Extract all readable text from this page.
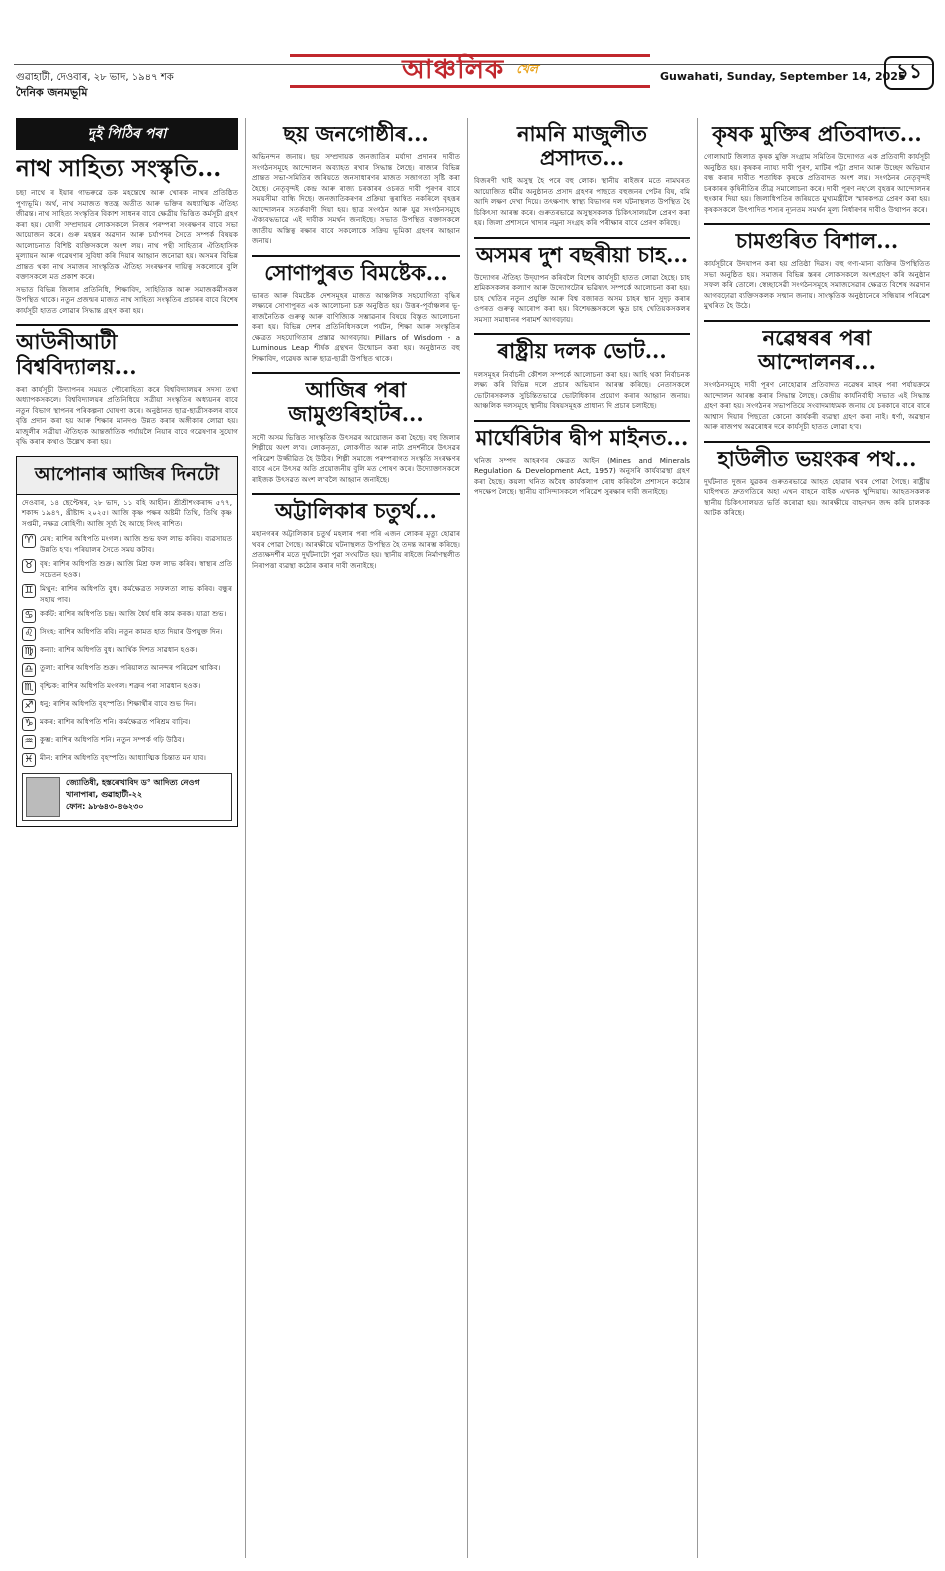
গুৱাহাটী, দেওবাৰ, ২৮ ভাদ, ১৯৪৭ শক
দৈনিক জনমভূমি
আঞ্চলিক খেল
Guwahati, Sunday, September 14, 2025
১১
দুই পিঠিৰ পৰা
নাথ সাহিত্য সংস্কৃতি...

চছা নাথে ৰ ইয়াৰ গাভৰুৱে ডক মহন্তেশ্বে আৰু খোৰক নাথৰ প্ৰতিষ্ঠিত পুণ্যভূমি। অৰ্থ, নাথ সমাজত স্বতন্ত্ৰ অতীত আৰু ভক্তিৰ অধ্যাত্মিক ঐতিহ্য জীৱন্ত। নাথ সাহিত্য সংস্কৃতিৰ বিকাশ সাধনৰ বাবে ক্ষেত্ৰীয় ভিত্তিত কৰ্মসূচী গ্ৰহণ কৰা হয়। যোগী সম্প্ৰদায়ৰ লোকসকলে নিজৰ পৰম্পৰা সংৰক্ষণৰ বাবে সভা আয়োজন কৰে। গুৰু মহন্তৰ অৱদান আৰু চৰ্যাপদৰ সৈতে সম্পৰ্ক বিষয়ক আলোচনাত বিশিষ্ট ব্যক্তিসকলে অংশ লয়। নাথ পন্থী সাহিত্যৰ ঐতিহাসিক মূল্যায়ন আৰু গৱেষণাৰ সুবিধা কৰি দিয়াৰ আহ্বান জনোৱা হয়। অসমৰ বিভিন্ন প্ৰান্তত থকা নাথ সমাজৰ সাংস্কৃতিক ঐতিহ্য সংৰক্ষণৰ দায়িত্ব সকলোৰে বুলি বক্তাসকলে মত প্ৰকাশ কৰে।

সভাত বিভিন্ন জিলাৰ প্ৰতিনিধি, শিক্ষাবিদ, সাহিত্যিক আৰু সমাজকৰ্মীসকল উপস্থিত থাকে। নতুন প্ৰজন্মৰ মাজত নাথ সাহিত্য সংস্কৃতিৰ প্ৰচাৰৰ বাবে বিশেষ কাৰ্যসূচী হাতত লোৱাৰ সিদ্ধান্ত গ্ৰহণ কৰা হয়।

আউনীআটী বিশ্ববিদ্যালয়...

কৰা কাৰ্যসূচী উদ্যাপনৰ সময়ত পৌৰোহিত্য কৰে বিশ্ববিদ্যালয়ৰ সদস্য তথা অধ্যাপকসকলে। বিশ্ববিদ্যালয়ৰ প্ৰতিনিধিয়ে সত্ৰীয়া সংস্কৃতিৰ অধ্যয়নৰ বাবে নতুন বিভাগ স্থাপনৰ পৰিকল্পনা ঘোষণা কৰে। অনুষ্ঠানত ছাত্ৰ-ছাত্ৰীসকলৰ বাবে বৃত্তি প্ৰদান কৰা হয় আৰু শিক্ষাৰ মানদণ্ড উন্নত কৰাৰ অঙ্গীকাৰ লোৱা হয়। মাজুলীৰ সত্ৰীয়া ঐতিহ্যক আন্তৰ্জাতিক পৰ্যায়লৈ নিয়াৰ বাবে গৱেষণাৰ সুযোগ বৃদ্ধি কৰাৰ কথাও উল্লেখ কৰা হয়।

আপোনাৰ আজিৰ দিনটো

দেওবাৰ, ১৪ ছেপ্টেম্বৰ, ২৮ ভাদ, ১১ বহি আহীন। শ্ৰীশ্ৰীশংকৰাব্দ ৫৭৭, শকাব্দ ১৯৪৭, খ্ৰীষ্টাব্দ ২০২৫। আজি কৃষ্ণ পক্ষৰ অষ্টমী তিথি, তিথি কৃষ্ণ সপ্তমী, নক্ষত্ৰ ৰোহিণী। আজি সূৰ্য্য হৈ আছে সিংহ ৰাশিত।

♈ মেষ: ৰাশিৰ অধিপতি মংগল। আজি শুভ ফল লাভ কৰিব। ব্যৱসায়ত উন্নতি হ'ব। পৰিয়ালৰ সৈতে সময় কটাব।

♉ বৃষ: ৰাশিৰ অধিপতি শুক্ৰ। আজি মিশ্ৰ ফল লাভ কৰিব। স্বাস্থ্যৰ প্ৰতি সচেতন হওক।

♊ মিথুন: ৰাশিৰ অধিপতি বুধ। কৰ্মক্ষেত্ৰত সফলতা লাভ কৰিব। বন্ধুৰ সহায় পাব।

♋ কৰ্কট: ৰাশিৰ অধিপতি চন্দ্ৰ। আজি ধৈৰ্য ধৰি কাম কৰক। যাত্ৰা শুভ।

♌ সিংহ: ৰাশিৰ অধিপতি ৰবি। নতুন কামত হাত দিয়াৰ উপযুক্ত দিন।

♍ কন্যা: ৰাশিৰ অধিপতি বুধ। আৰ্থিক দিশত সাৱধান হওক।

♎ তুলা: ৰাশিৰ অধিপতি শুক্ৰ। পৰিয়ালত আনন্দৰ পৰিৱেশ থাকিব।

♏ বৃশ্চিক: ৰাশিৰ অধিপতি মংগল। শত্ৰুৰ পৰা সাৱধান হওক।

♐ ধনু: ৰাশিৰ অধিপতি বৃহস্পতি। শিক্ষাৰ্থীৰ বাবে শুভ দিন।

♑ মকৰ: ৰাশিৰ অধিপতি শনি। কৰ্মক্ষেত্ৰত পৰিশ্ৰম বাঢ়িব।

♒ কুম্ভ: ৰাশিৰ অধিপতি শনি। নতুন সম্পৰ্ক গঢ়ি উঠিব।

♓ মীন: ৰাশিৰ অধিপতি বৃহস্পতি। আধ্যাত্মিক চিন্তাত মন যাব।

জ্যোতিষী, হস্তৰেখাবিদ ড° আদিত্য নেওগ
খানাপাৰা, গুৱাহাটী-২২
ফোন: ৯৮৬৪৩-৪৬২৩০
ছয় জনগোষ্ঠীৰ...

অভিনন্দন জনায়। ছয় সম্প্ৰদায়ক জনজাতিৰ মৰ্যাদা প্ৰদানৰ দাবীত সংগঠনসমূহে আন্দোলন অব্যাহত ৰখাৰ সিদ্ধান্ত লৈছে। ৰাজ্যৰ বিভিন্ন প্ৰান্তত সভা-সমিতিৰ জৰিয়তে জনসাধাৰণৰ মাজত সজাগতা সৃষ্টি কৰা হৈছে। নেতৃবৃন্দই কেন্দ্ৰ আৰু ৰাজ্য চৰকাৰৰ ওচৰত দাবী পূৰণৰ বাবে সময়সীমা বান্ধি দিছে। জনজাতিকৰণৰ প্ৰক্ৰিয়া ত্বৰান্বিত নকৰিলে বৃহত্তৰ আন্দোলনৰ সতৰ্কবাণী দিয়া হয়। ছাত্ৰ সংগঠন আৰু যুৱ সংগঠনসমূহে ঐক্যবদ্ধভাৱে এই দাবীক সমৰ্থন জনাইছে। সভাত উপস্থিত বক্তাসকলে জাতীয় অস্তিত্ব ৰক্ষাৰ বাবে সকলোকে সক্ৰিয় ভূমিকা গ্ৰহণৰ আহ্বান জনায়।

সোণাপুৰত বিমষ্টেক...

ভাৰত আৰু বিমষ্টেক দেশসমূহৰ মাজত আঞ্চলিক সহযোগিতা বৃদ্ধিৰ লক্ষ্যৰে সোণাপুৰত এক আলোচনা চক্ৰ অনুষ্ঠিত হয়। উত্তৰ-পূৰ্বাঞ্চলৰ ভূ-ৰাজনৈতিক গুৰুত্ব আৰু বাণিজ্যিক সম্ভাৱনাৰ বিষয়ে বিস্তৃত আলোচনা কৰা হয়। বিভিন্ন দেশৰ প্ৰতিনিধিসকলে পৰ্যটন, শিক্ষা আৰু সংস্কৃতিৰ ক্ষেত্ৰত সহযোগিতাৰ প্ৰস্তাৱ আগবঢ়ায়। Pillars of Wisdom - a Luminous Leap শীৰ্ষক গ্ৰন্থখন উন্মোচন কৰা হয়। অনুষ্ঠানত বহু শিক্ষাবিদ, গৱেষক আৰু ছাত্ৰ-ছাত্ৰী উপস্থিত থাকে।

আজিৰ পৰা জামুগুৰিহাটৰ...

সদৌ অসম ভিত্তিত সাংস্কৃতিক উৎসৱৰ আয়োজন কৰা হৈছে। বহু জিলাৰ শিল্পীয়ে অংশ ল'ব। লোকনৃত্য, লোকগীত আৰু নাট্য প্ৰদৰ্শনীৰে উৎসৱৰ পৰিৱেশ উজ্জীৱিত হৈ উঠিব। শিল্পী সমাজে পৰম্পৰাগত সংস্কৃতি সংৰক্ষণৰ বাবে এনে উৎসৱ অতি প্ৰয়োজনীয় বুলি মত পোষণ কৰে। উদ্যোক্তাসকলে ৰাইজক উৎসৱত অংশ ল'বলৈ আহ্বান জনাইছে।

অট্টালিকাৰ চতুৰ্থ...

মহানগৰৰ অট্টালিকাৰ চতুৰ্থ মহলাৰ পৰা পৰি এজন লোকৰ মৃত্যু হোৱাৰ খবৰ পোৱা গৈছে। আৰক্ষীয়ে ঘটনাস্থলত উপস্থিত হৈ তদন্ত আৰম্ভ কৰিছে। প্ৰত্যক্ষদৰ্শীৰ মতে দুৰ্ঘটনাটো পুৱা সংঘটিত হয়। স্থানীয় ৰাইজে নিৰ্মাণস্থলীত নিৰাপত্তা ব্যৱস্থা কঠোৰ কৰাৰ দাবী জনাইছে।

নামনি মাজুলীত প্ৰসাদত...

বিজৰণী খাই অসুস্থ হৈ পৰে বহু লোক। স্থানীয় ৰাইজৰ মতে নামঘৰত আয়োজিত ধৰ্মীয় অনুষ্ঠানত প্ৰসাদ গ্ৰহণৰ পাছতে বহুজনৰ পেটৰ বিষ, বমি আদি লক্ষণ দেখা দিয়ে। তৎক্ষণাৎ স্বাস্থ্য বিভাগৰ দল ঘটনাস্থলত উপস্থিত হৈ চিকিৎসা আৰম্ভ কৰে। গুৰুতৰভাৱে অসুস্থসকলক চিকিৎসালয়লৈ প্ৰেৰণ কৰা হয়। জিলা প্ৰশাসনে খাদ্যৰ নমুনা সংগ্ৰহ কৰি পৰীক্ষাৰ বাবে প্ৰেৰণ কৰিছে।

অসমৰ দুশ বছৰীয়া চাহ...

উদ্যোগৰ ঐতিহ্য উদ্‌যাপন কৰিবলৈ বিশেষ কাৰ্যসূচী হাতত লোৱা হৈছে। চাহ শ্ৰমিকসকলৰ কল্যাণ আৰু উদ্যোগটোৰ ভৱিষ্যৎ সম্পৰ্কে আলোচনা কৰা হয়। চাহ খেতিৰ নতুন প্ৰযুক্তি আৰু বিশ্ব বজাৰত অসম চাহৰ স্থান সুদৃঢ় কৰাৰ ওপৰত গুৰুত্ব আৰোপ কৰা হয়। বিশেষজ্ঞসকলে ক্ষুদ্ৰ চাহ খেতিয়কসকলৰ সমস্যা সমাধানৰ পৰামৰ্শ আগবঢ়ায়।

ৰাষ্ট্ৰীয় দলক ভোট...

দলসমূহৰ নিৰ্বাচনী কৌশল সম্পৰ্কে আলোচনা কৰা হয়। আহি থকা নিৰ্বাচনক লক্ষ্য কৰি বিভিন্ন দলে প্ৰচাৰ অভিযান আৰম্ভ কৰিছে। নেতাসকলে ভোটাৰসকলক সুচিন্তিতভাৱে ভোটাধিকাৰ প্ৰয়োগ কৰাৰ আহ্বান জনায়। আঞ্চলিক দলসমূহে স্থানীয় বিষয়সমূহক প্ৰাধান্য দি প্ৰচাৰ চলাইছে।

মাৰ্ঘেৰিটাৰ দ্বীপ মাইনত...

খনিজ সম্পদ আহৰণৰ ক্ষেত্ৰত আইন (Mines and Minerals Regulation & Development Act, 1957) অনুসৰি কাৰ্যব্যৱস্থা গ্ৰহণ কৰা হৈছে। কয়লা খনিত অবৈধ কাৰ্যকলাপ ৰোধ কৰিবলৈ প্ৰশাসনে কঠোৰ পদক্ষেপ লৈছে। স্থানীয় বাসিন্দাসকলে পৰিৱেশ সুৰক্ষাৰ দাবী জনাইছে।

কৃষক মুক্তিৰ প্ৰতিবাদত...

গোলাঘাট জিলাত কৃষক মুক্তি সংগ্ৰাম সমিতিৰ উদ্যোগত এক প্ৰতিবাদী কাৰ্যসূচী অনুষ্ঠিত হয়। কৃষকৰ ন্যায্য দাবী পূৰণ, মাটিৰ পট্টা প্ৰদান আৰু উচ্ছেদ অভিযান বন্ধ কৰাৰ দাবীত শতাধিক কৃষকে প্ৰতিবাদত অংশ লয়। সংগঠনৰ নেতৃবৃন্দই চৰকাৰৰ কৃষিনীতিৰ তীব্ৰ সমালোচনা কৰে। দাবী পূৰণ নহ'লে বৃহত্তৰ আন্দোলনৰ হুংকাৰ দিয়া হয়। জিলাধিপতিৰ জৰিয়তে মুখ্যমন্ত্ৰীলৈ স্মাৰকপত্ৰ প্ৰেৰণ কৰা হয়। কৃষকসকলে উৎপাদিত শস্যৰ ন্যূনতম সমৰ্থন মূল্য নিৰ্ধাৰণৰ দাবীও উত্থাপন কৰে।

চামগুৰিত বিশাল...

কাৰ্যসূচীৰে উদযাপন কৰা হয় প্ৰতিষ্ঠা দিৱস। বহু গণ্য-মান্য ব্যক্তিৰ উপস্থিতিত সভা অনুষ্ঠিত হয়। সমাজৰ বিভিন্ন স্তৰৰ লোকসকলে অংশগ্ৰহণ কৰি অনুষ্ঠান সফল কৰি তোলে। স্বেচ্ছাসেৱী সংগঠনসমূহে সমাজসেৱাৰ ক্ষেত্ৰত বিশেষ অৱদান আগবঢ়োৱা ব্যক্তিসকলক সন্মান জনায়। সাংস্কৃতিক অনুষ্ঠানেৰে সন্ধিয়াৰ পৰিৱেশ মুখৰিত হৈ উঠে।

নৱেম্বৰৰ পৰা আন্দোলনৰ...

সংগঠনসমূহে দাবী পূৰণ নোহোৱাৰ প্ৰতিবাদত নৱেম্বৰ মাহৰ পৰা পৰ্যায়ক্ৰমে আন্দোলন আৰম্ভ কৰাৰ সিদ্ধান্ত লৈছে। কেন্দ্ৰীয় কাৰ্যনিৰ্বাহী সভাত এই সিদ্ধান্ত গ্ৰহণ কৰা হয়। সংগঠনৰ সভাপতিয়ে সংবাদমাধ্যমক জনায় যে চৰকাৰে বাৰে বাৰে আশ্বাস দিয়াৰ পিছতো কোনো কাৰ্যকৰী ব্যৱস্থা গ্ৰহণ কৰা নাই। ধৰ্ণা, অৱস্থান আৰু ৰাজপথ অৱৰোধৰ দৰে কাৰ্যসূচী হাতত লোৱা হ'ব।

হাউলীত ভয়ংকৰ পথ...

দুৰ্ঘটনাত দুজন যুৱকৰ গুৰুতৰভাৱে আহত হোৱাৰ খবৰ পোৱা গৈছে। ৰাষ্ট্ৰীয় ঘাইপথত দ্ৰুতগতিৰে অহা এখন বাহনে বাইক এখনক খুন্দিয়ায়। আহতসকলক স্থানীয় চিকিৎসালয়ত ভৰ্তি কৰোৱা হয়। আৰক্ষীয়ে বাহনখন জব্দ কৰি চালকক আটক কৰিছে।
